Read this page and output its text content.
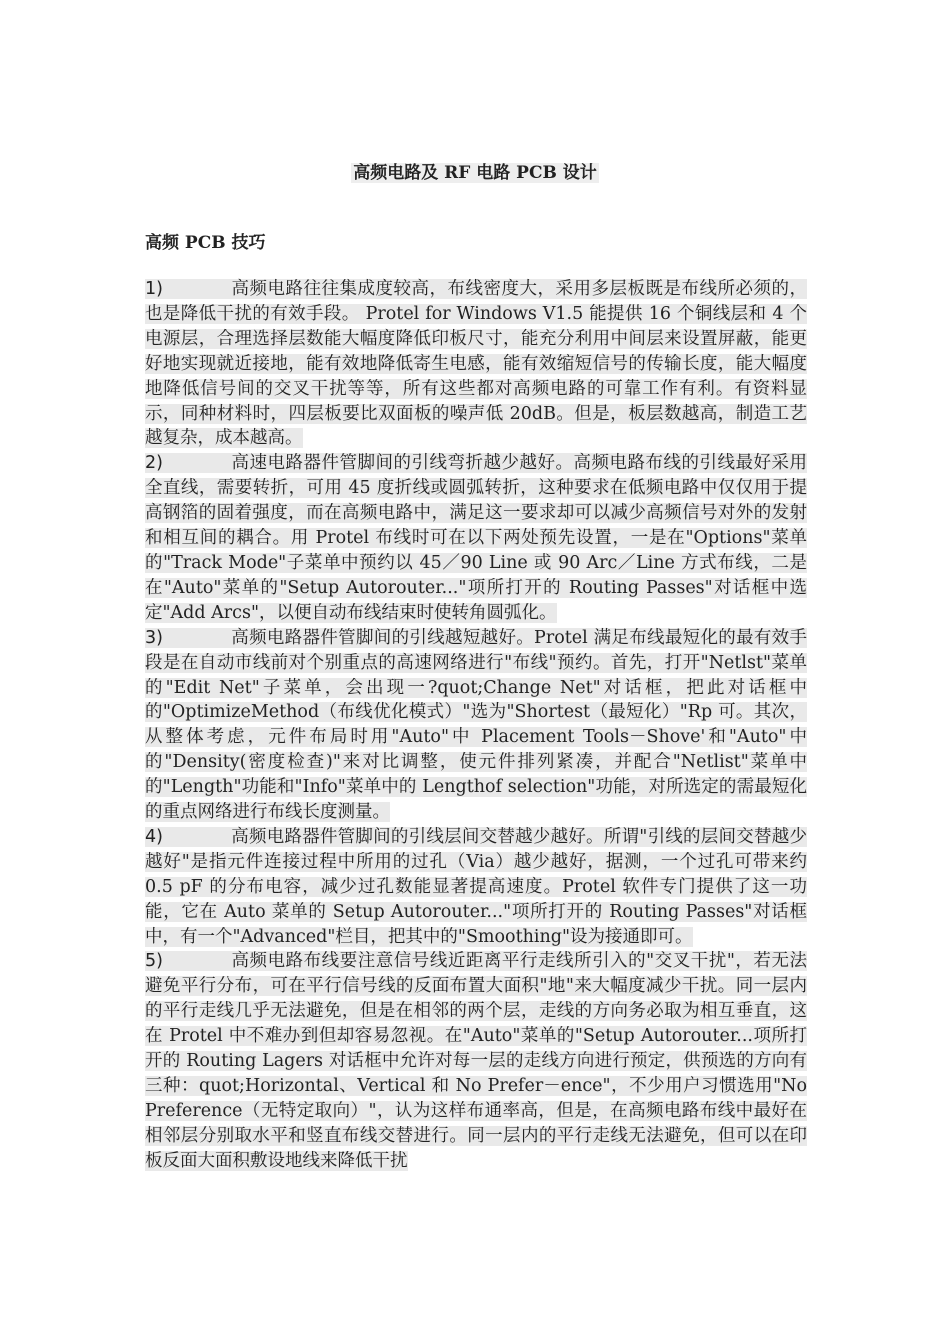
高频电路及 RF 电路 PCB 设计
高频 PCB 技巧

1)	高频电路往往集成度较高，布线密度大，采用多层板既是布线所必须的，也是降低干扰的有效手段。 Protel for Windows V1.5 能提供 16 个铜线层和 4 个电源层，合理选择层数能大幅度降低印板尺寸，能充分利用中间层来设置屏蔽，能更好地实现就近接地，能有效地降低寄生电感，能有效缩短信号的传输长度，能大幅度地降低信号间的交叉干扰等等，所有这些都对高频电路的可靠工作有利。有资料显示，同种材料时，四层板要比双面板的噪声低 20dB。但是，板层数越高，制造工艺越复杂，成本越高。

2)	高速电路器件管脚间的引线弯折越少越好。高频电路布线的引线最好采用全直线，需要转折，可用 45 度折线或圆弧转折，这种要求在低频电路中仅仅用于提高钢箔的固着强度，而在高频电路中，满足这一要求却可以减少高频信号对外的发射和相互间的耦合。用 Protel 布线时可在以下两处预先设置，一是在"Options"菜单的"Track Mode"子菜单中预约以 45／90 Line 或 90 Arc／Line 方式布线，二是在"Auto"菜单的"Setup Autorouter..."项所打开的 Routing Passes"对话框中选定"Add Arcs"，以便自动布线结束时使转角圆弧化。

3)	高频电路器件管脚间的引线越短越好。Protel 满足布线最短化的最有效手段是在自动市线前对个别重点的高速网络进行"布线"预约。首先，打开"Netlst"菜单的"Edit Net"子菜单，会出现一?quot;Change Net"对话框，把此对话框中的"OptimizeMethod（布线优化模式）"选为"Shortest（最短化）"Rp 可。其次，从整体考虑，元件布局时用"Auto"中 Placement Tools－Shove'和"Auto"中的"Density(密度检查)"来对比调整，使元件排列紧凑，并配合"Netlist"菜单中的"Length"功能和"Info"菜单中的 Lengthof selection"功能，对所选定的需最短化的重点网络进行布线长度测量。

4)	高频电路器件管脚间的引线层间交替越少越好。所谓"引线的层间交替越少越好"是指元件连接过程中所用的过孔（Via）越少越好，据测，一个过孔可带来约 0.5 pF 的分布电容，减少过孔数能显著提高速度。Protel 软件专门提供了这一功能，它在 Auto 菜单的 Setup Autorouter..."项所打开的 Routing Passes"对话框中，有一个"Advanced"栏目，把其中的"Smoothing"设为接通即可。

5)	高频电路布线要注意信号线近距离平行走线所引入的"交叉干扰"，若无法避免平行分布，可在平行信号线的反面布置大面积"地"来大幅度减少干扰。同一层内的平行走线几乎无法避免，但是在相邻的两个层，走线的方向务必取为相互垂直，这在 Protel 中不难办到但却容易忽视。在"Auto"菜单的"Setup Autorouter...项所打开的 Routing Lagers 对话框中允许对每一层的走线方向进行预定，供预选的方向有三种：quot;Horizontal、Vertical 和 No Prefer－ence"，不少用户习惯选用"No Preference（无特定取向）"，认为这样布通率高，但是，在高频电路布线中最好在相邻层分别取水平和竖直布线交替进行。同一层内的平行走线无法避免，但可以在印板反面大面积敷设地线来降低干扰
